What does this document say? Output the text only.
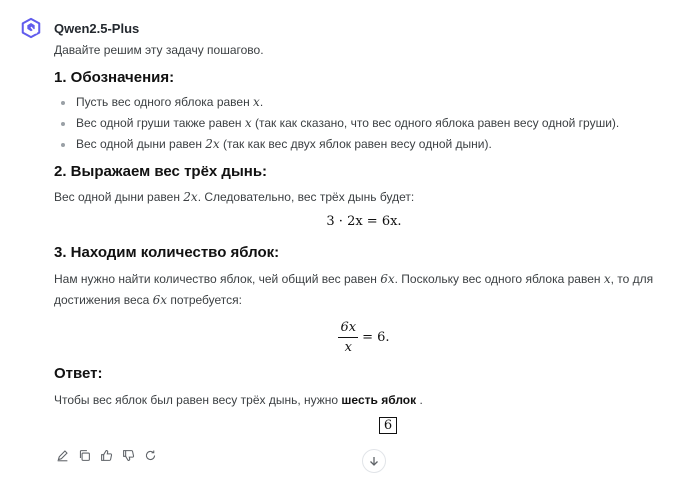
Qwen2.5-Plus

Давайте решим эту задачу пошагово.

1. Обозначения:
Пусть вес одного яблока равен x.
Вес одной груши также равен x (так как сказано, что вес одного яблока равен весу одной груши).
Вес одной дыни равен 2x (так как вес двух яблок равен весу одной дыни).
2. Выражаем вес трёх дынь:

Вес одной дыни равен 2x. Следовательно, вес трёх дынь будет:

3 · 2x = 6x.
3. Находим количество яблок:

Нам нужно найти количество яблок, чей общий вес равен 6x. Поскольку вес одного яблока равен x, то для
достижения веса 6x потребуется:

$\frac{6x}{x} = 6$.
Ответ:

Чтобы вес яблок был равен весу трёх дынь, нужно шесть яблок .

6
